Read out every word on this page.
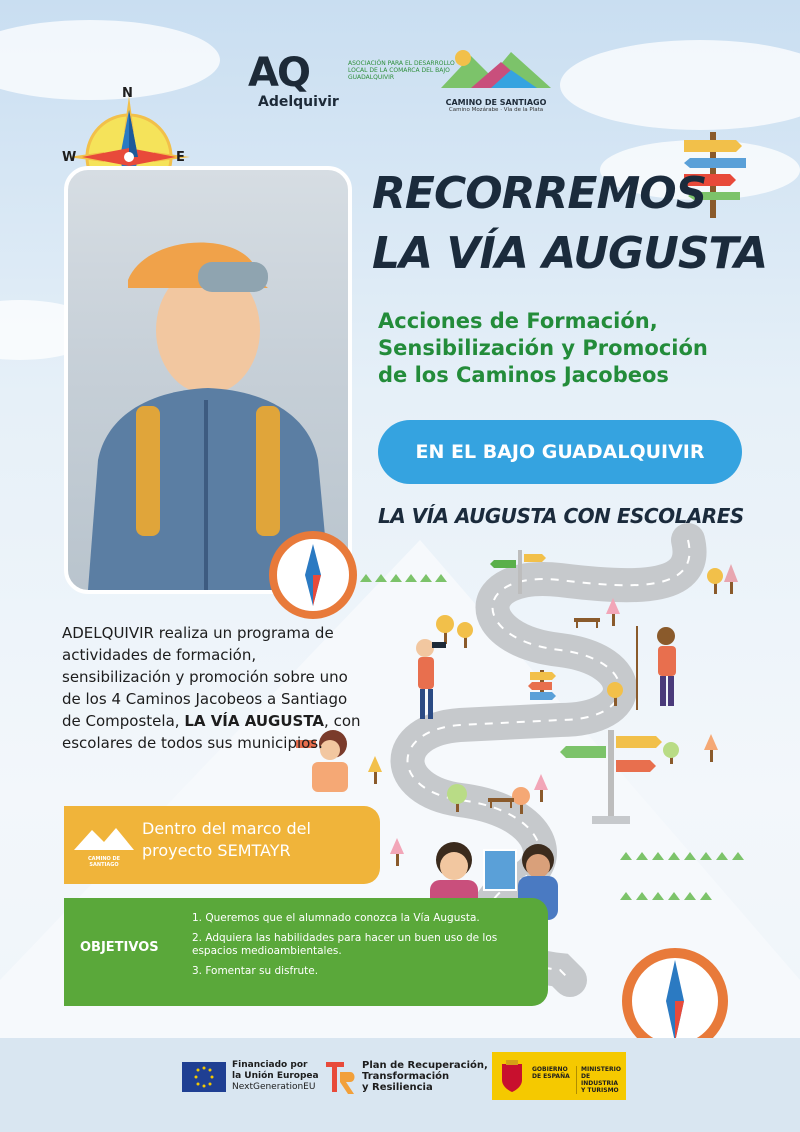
AQ
Adelquivir
ASOCIACIÓN PARA EL DESARROLLO LOCAL DE LA COMARCA DEL BAJO GUADALQUIVIR
CAMINO DE SANTIAGO
Camino Mozárabe · Vía de la Plata
N
E
W
RECORREMOS
LA VÍA AUGUSTA
Acciones de Formación,
Sensibilización y Promoción
de los Caminos Jacobeos
EN EL BAJO GUADALQUIVIR
LA VÍA AUGUSTA CON ESCOLARES
ADELQUIVIR realiza un programa de actividades de formación, sensibilización y promoción sobre uno de los 4 Caminos Jacobeos a Santiago de Compostela, LA VÍA AUGUSTA, con escolares de todos sus municipios.
CAMINO DE SANTIAGO
Dentro del marco del
proyecto SEMTAYR
OBJETIVOS
1. Queremos que el alumnado conozca la Vía Augusta.
2. Adquiera las habilidades para hacer un buen uso de los espacios medioambientales.
3. Fomentar su disfrute.
Financiado por
la Unión Europea
NextGenerationEU
Plan de Recuperación,
Transformación
y Resiliencia
GOBIERNO
DE ESPAÑA
MINISTERIO
DE INDUSTRIA
Y TURISMO
